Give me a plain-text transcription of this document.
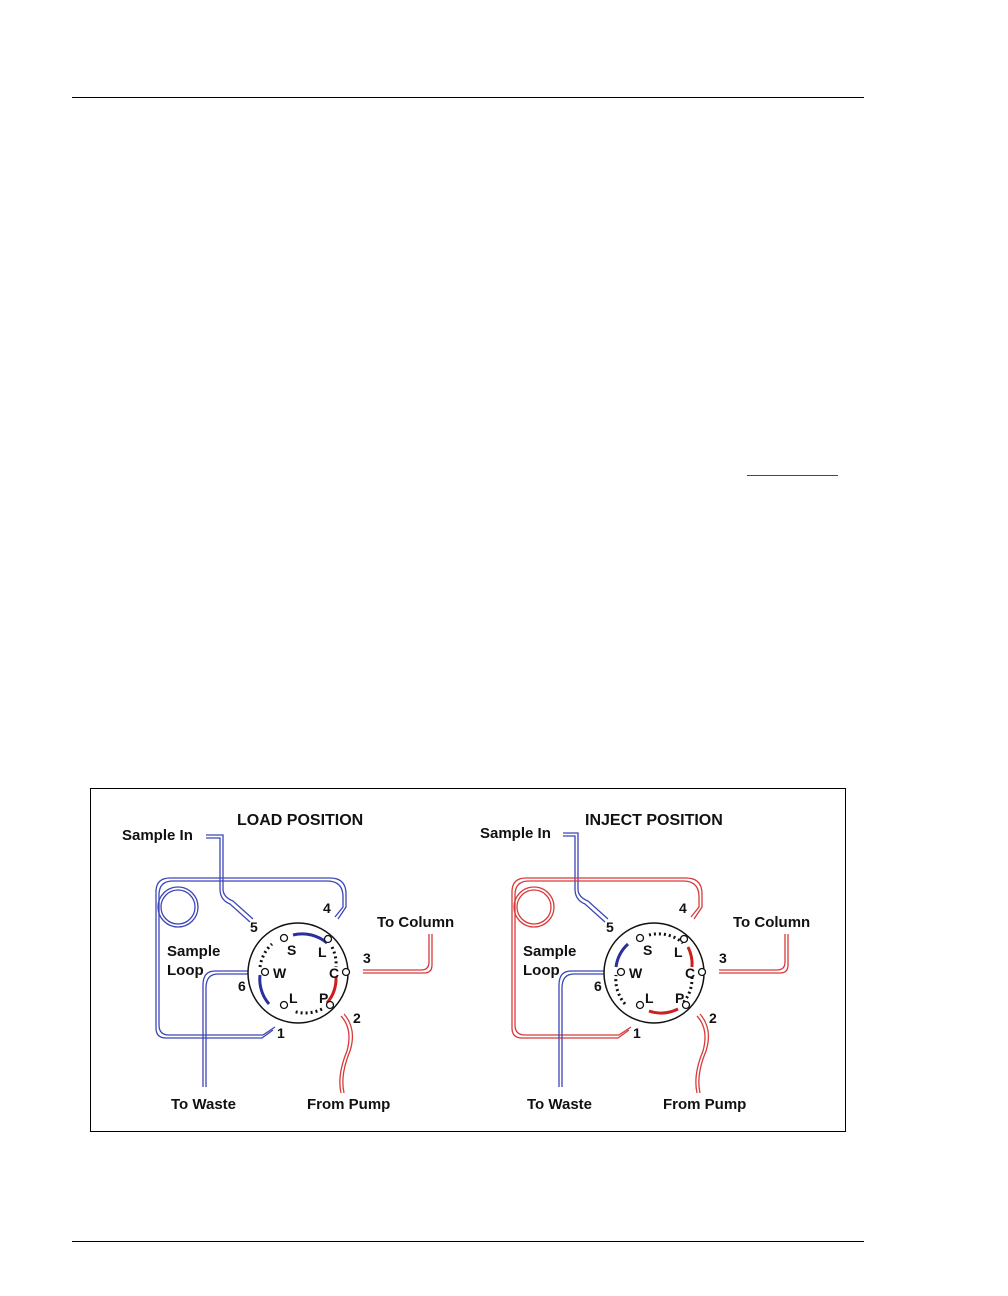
LOAD POSITION
Sample In
Sample
Loop
To Column
To Waste	From Pump
S L
W	C
L P
1
2
3
4
5
6
INJECT POSITION
Sample In
Sample
Loop
To Column
To Waste	From Pump
S L
W	C
L P
1
2
3
4
5
6
